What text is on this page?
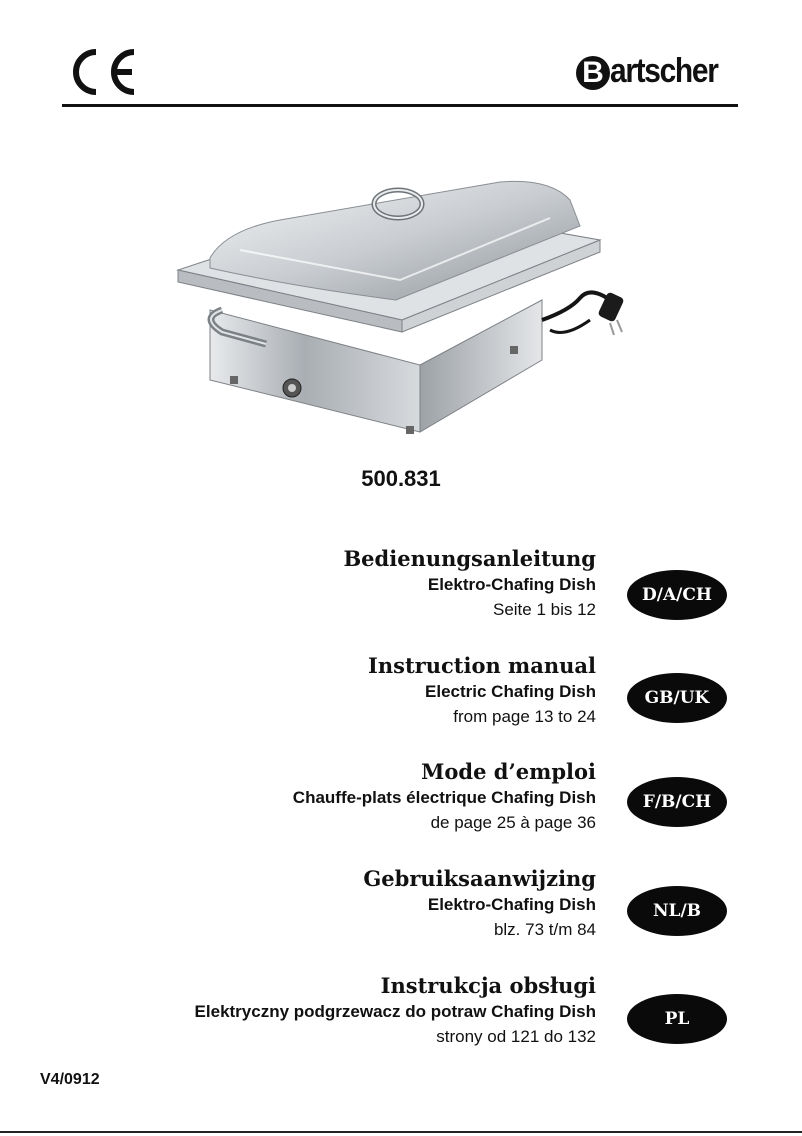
B artscher
500.831
Bedienungsanleitung
Elektro-Chafing Dish
Seite 1 bis 12
D/A/CH
Instruction manual
Electric Chafing Dish
from page 13 to 24
GB/UK
Mode d’emploi
Chauffe-plats électrique Chafing Dish
de page 25 à page 36
F/B/CH
Gebruiksaanwijzing
Elektro-Chafing Dish
blz. 73 t/m 84
NL/B
Instrukcja obsługi
Elektryczny podgrzewacz do potraw Chafing Dish
strony od 121 do 132
PL
V4/0912
